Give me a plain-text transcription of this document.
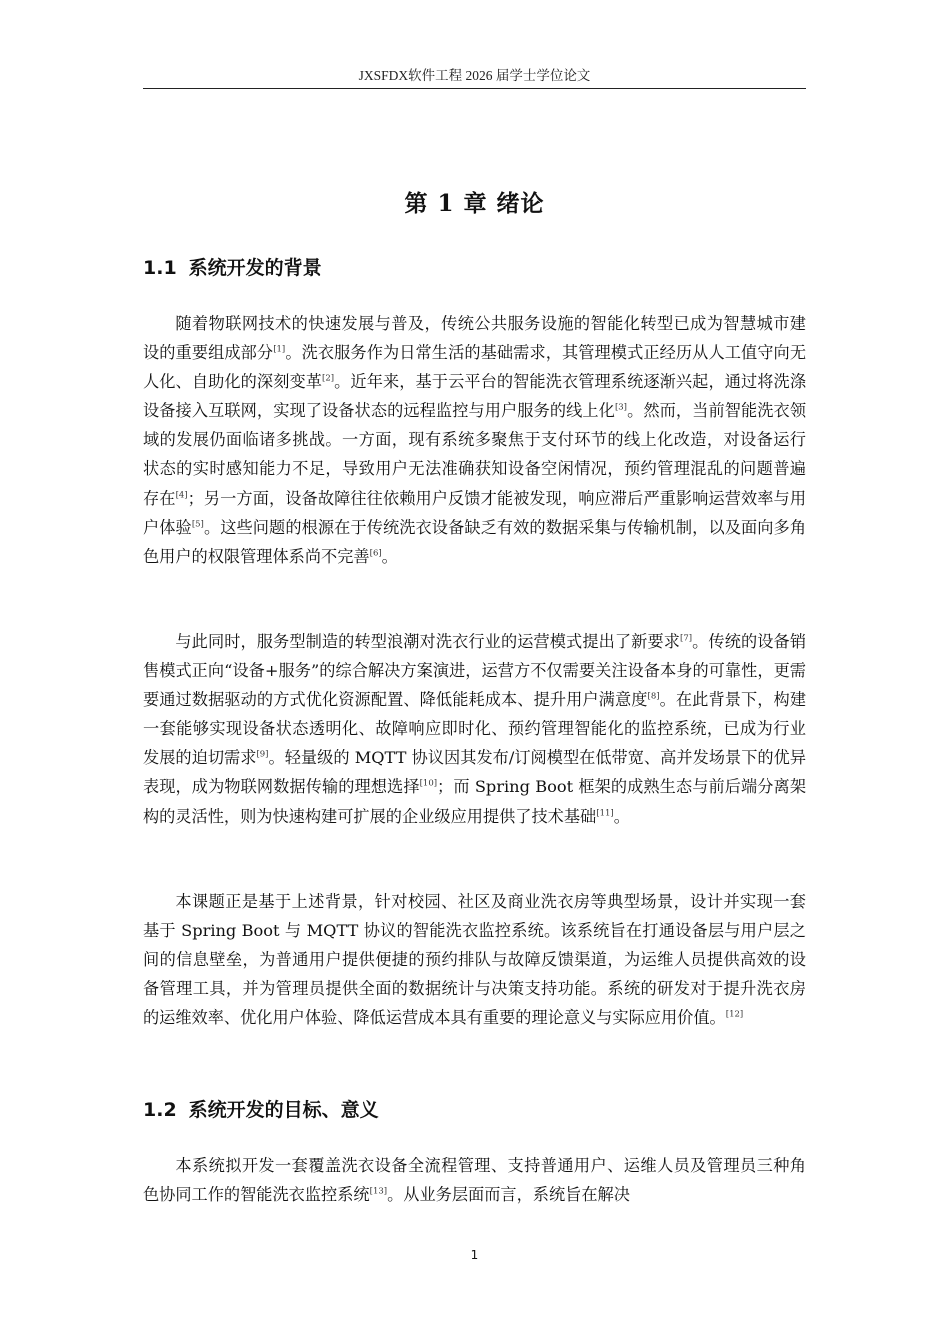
JXSFDX软件工程 2026 届学士学位论文
第 1 章 绪论
1.1 系统开发的背景

随着物联网技术的快速发展与普及，传统公共服务设施的智能化转型已成为智慧城市建设的重要组成部分[1]。洗衣服务作为日常生活的基础需求，其管理模式正经历从人工值守向无人化、自助化的深刻变革[2]。近年来，基于云平台的智能洗衣管理系统逐渐兴起，通过将洗涤设备接入互联网，实现了设备状态的远程监控与用户服务的线上化[3]。然而，当前智能洗衣领域的发展仍面临诸多挑战。一方面，现有系统多聚焦于支付环节的线上化改造，对设备运行状态的实时感知能力不足，导致用户无法准确获知设备空闲情况，预约管理混乱的问题普遍存在[4]；另一方面，设备故障往往依赖用户反馈才能被发现，响应滞后严重影响运营效率与用户体验[5]。这些问题的根源在于传统洗衣设备缺乏有效的数据采集与传输机制，以及面向多角色用户的权限管理体系尚不完善[6]。

与此同时，服务型制造的转型浪潮对洗衣行业的运营模式提出了新要求[7]。传统的设备销售模式正向“设备+服务”的综合解决方案演进，运营方不仅需要关注设备本身的可靠性，更需要通过数据驱动的方式优化资源配置、降低能耗成本、提升用户满意度[8]。在此背景下，构建一套能够实现设备状态透明化、故障响应即时化、预约管理智能化的监控系统，已成为行业发展的迫切需求[9]。轻量级的 MQTT 协议因其发布/订阅模型在低带宽、高并发场景下的优异表现，成为物联网数据传输的理想选择[10]；而 Spring Boot 框架的成熟生态与前后端分离架构的灵活性，则为快速构建可扩展的企业级应用提供了技术基础[11]。

本课题正是基于上述背景，针对校园、社区及商业洗衣房等典型场景，设计并实现一套基于 Spring Boot 与 MQTT 协议的智能洗衣监控系统。该系统旨在打通设备层与用户层之间的信息壁垒，为普通用户提供便捷的预约排队与故障反馈渠道，为运维人员提供高效的设备管理工具，并为管理员提供全面的数据统计与决策支持功能。系统的研发对于提升洗衣房的运维效率、优化用户体验、降低运营成本具有重要的理论意义与实际应用价值。[12]

1.2 系统开发的目标、意义

本系统拟开发一套覆盖洗衣设备全流程管理、支持普通用户、运维人员及管理员三种角色协同工作的智能洗衣监控系统[13]。从业务层面而言，系统旨在解决

1
